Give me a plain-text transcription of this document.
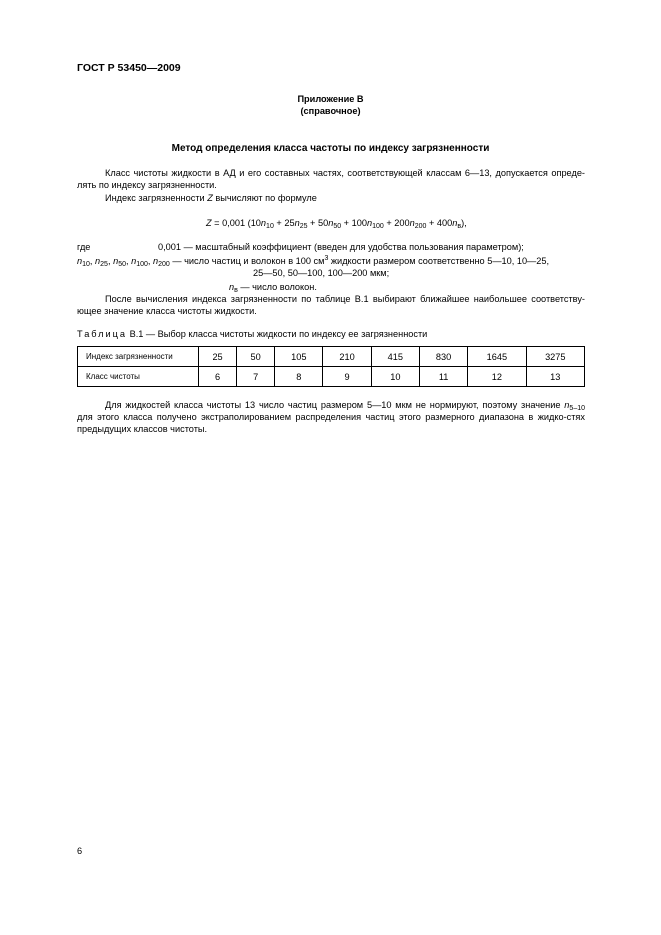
ГОСТ Р 53450—2009
Приложение В
(справочное)
Метод определения класса частоты по индексу загрязненности
Класс чистоты жидкости в АД и его составных частях, соответствующей классам 6—13, допускается опреде-лять по индексу загрязненности.
Индекс загрязненности Z вычисляют по формуле
Z = 0,001 $(10n_{10} + 25n_{25} + 50n_{50} + 100n_{100} + 200n_{200} + 400n_в)$,
где	0,001 — масштабный коэффициент (введен для удобства пользования параметром);
$n_{10}$, $n_{25}$, $n_{50}$, $n_{100}$, $n_{200}$ — число частиц и волокон в 100 $см^3$ жидкости размером соответственно 5—10, 10—25,
25—50, 50—100, 100—200 мкм;
$n_в$ — число волокон.
После вычисления индекса загрязненности по таблице В.1 выбирают ближайшее наибольшее соответству-ющее значение класса чистоты жидкости.
Таблица В.1 — Выбор класса чистоты жидкости по индексу ее загрязненности
Индекс загрязненности	25	50	105	210	415	830	1645	3275
Класс чистоты	6	7	8	9	10	11	12	13
Для жидкостей класса чистоты 13 число частиц размером 5—10 мкм не нормируют, поэтому значение $n_{5-10}$ для этого класса получено экстраполированием распределения частиц этого размерного диапазона в жидко-стях предыдущих классов чистоты.
6
